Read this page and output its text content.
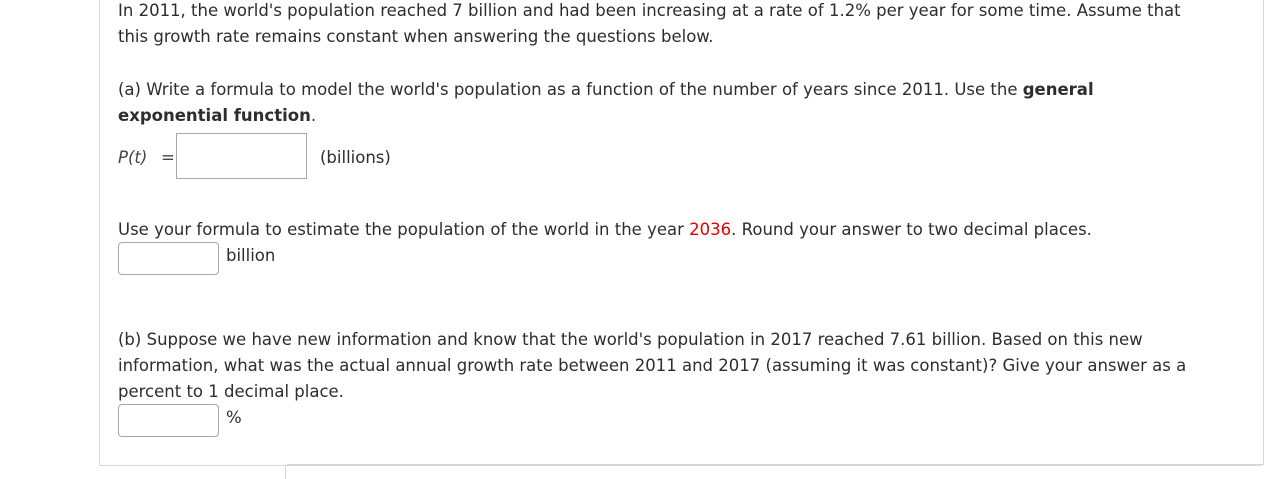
In 2011, the world's population reached 7 billion and had been increasing at a rate of 1.2% per year for some time. Assume that

this growth rate remains constant when answering the questions below.

(a) Write a formula to model the world's population as a function of the number of years since 2011. Use the general

exponential function.

P(t) =	(billions)

Use your formula to estimate the population of the world in the year 2036. Round your answer to two decimal places.

billion

(b) Suppose we have new information and know that the world's population in 2017 reached 7.61 billion. Based on this new

information, what was the actual annual growth rate between 2011 and 2017 (assuming it was constant)? Give your answer as a

percent to 1 decimal place.

%
